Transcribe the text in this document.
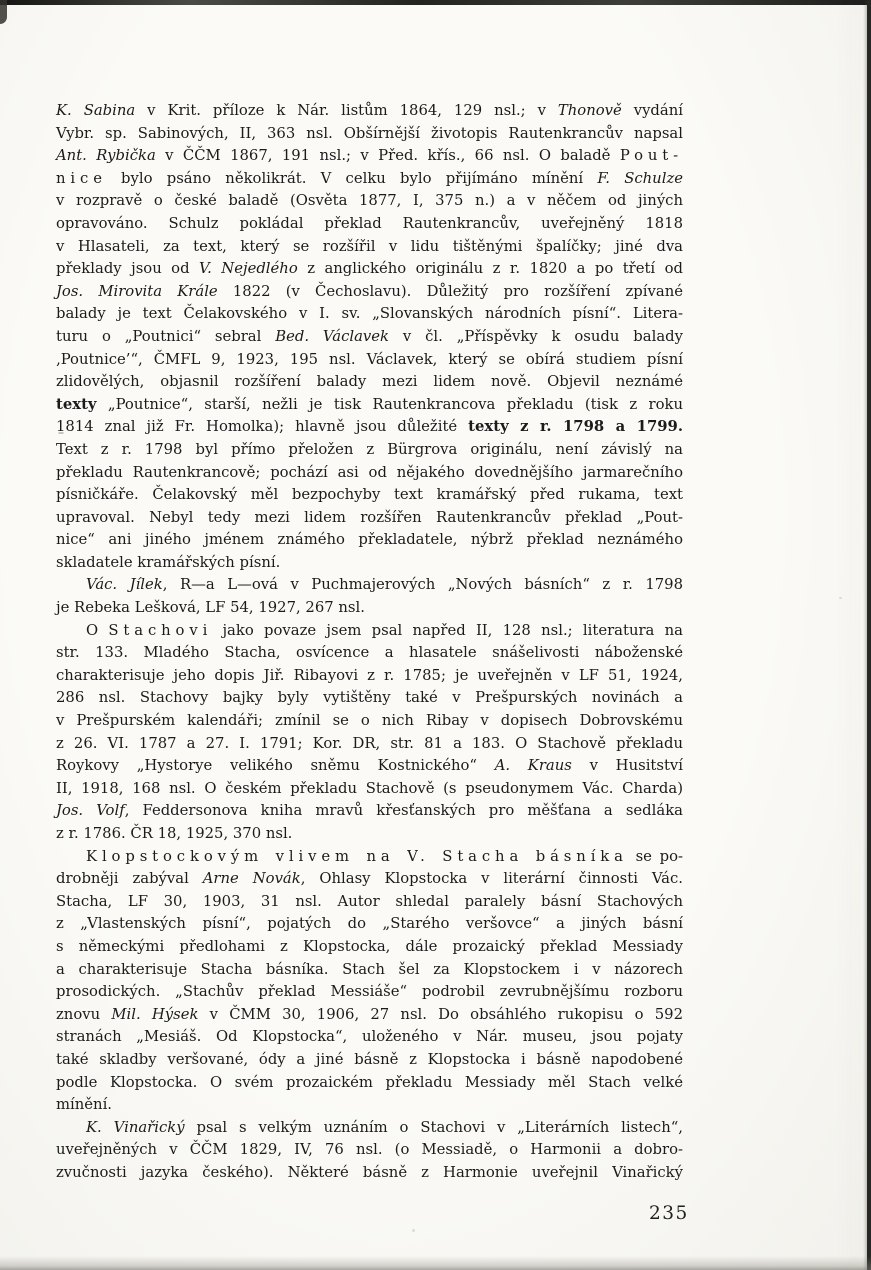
K. Sabina v Krit. příloze k Nár. listům 1864, 129 nsl.; v Thonově vydání
Vybr. sp. Sabinových, II, 363 nsl. Obšírnější životopis Rautenkrancův napsal
Ant. Rybička v ČČM 1867, 191 nsl.; v Před. křís., 66 nsl. O baladě Pout-
nice bylo psáno několikrát. V celku bylo přijímáno mínění F. Schulze
v rozpravě o české baladě (Osvěta 1877, I, 375 n.) a v něčem od jiných
opravováno. Schulz pokládal překlad Rautenkrancův, uveřejněný 1818
v Hlasateli, za text, který se rozšířil v lidu tištěnými špalíčky; jiné dva
překlady jsou od V. Nejedlého z anglického originálu z r. 1820 a po třetí od
Jos. Mirovita Krále 1822 (v Čechoslavu). Důležitý pro rozšíření zpívané
balady je text Čelakovského v I. sv. „Slovanských národních písní“. Litera-
turu o „Poutnici“ sebral Bed. Václavek v čl. „Příspěvky k osudu balady
‚Poutnice’“, ČMFL 9, 1923, 195 nsl. Václavek, který se obírá studiem písní
zlidovělých, objasnil rozšíření balady mezi lidem nově. Objevil neznámé
texty „Poutnice“, starší, nežli je tisk Rautenkrancova překladu (tisk z roku
1814 znal již Fr. Homolka); hlavně jsou důležité texty z r. 1798 a 1799.
Text z r. 1798 byl přímo přeložen z Bürgrova originálu, není závislý na
překladu Rautenkrancově; pochází asi od nějakého dovednějšího jarmarečního
písničkáře. Čelakovský měl bezpochyby text kramářský před rukama, text
upravoval. Nebyl tedy mezi lidem rozšířen Rautenkrancův překlad „Pout-
nice“ ani jiného jménem známého překladatele, nýbrž překlad neznámého
skladatele kramářských písní.
Vác. Jílek, R—a L—ová v Puchmajerových „Nových básních“ z r. 1798
je Rebeka Lešková, LF 54, 1927, 267 nsl.
O Stachovi jako povaze jsem psal napřed II, 128 nsl.; literatura na
str. 133. Mladého Stacha, osvícence a hlasatele snášelivosti náboženské
charakterisuje jeho dopis Jiř. Ribayovi z r. 1785; je uveřejněn v LF 51, 1924,
286 nsl. Stachovy bajky byly vytištěny také v Prešpurských novinách a
v Prešpurském kalendáři; zmínil se o nich Ribay v dopisech Dobrovskému
z 26. VI. 1787 a 27. I. 1791; Kor. DR, str. 81 a 183. O Stachově překladu
Roykovy „Hystorye velikého sněmu Kostnického“ A. Kraus v Husitství
II, 1918, 168 nsl. O českém překladu Stachově (s pseudonymem Vác. Charda)
Jos. Volf, Feddersonova kniha mravů křesťanských pro měšťana a sedláka
z r. 1786. ČR 18, 1925, 370 nsl.
Klopstockovým vlivem na V. Stacha básníka se po-
drobněji zabýval Arne Novák, Ohlasy Klopstocka v literární činnosti Vác.
Stacha, LF 30, 1903, 31 nsl. Autor shledal paralely básní Stachových
z „Vlastenských písní“, pojatých do „Starého veršovce“ a jiných básní
s německými předlohami z Klopstocka, dále prozaický překlad Messiady
a charakterisuje Stacha básníka. Stach šel za Klopstockem i v názorech
prosodických. „Stachův překlad Messiáše“ podrobil zevrubnějšímu rozboru
znovu Mil. Hýsek v ČMM 30, 1906, 27 nsl. Do obsáhlého rukopisu o 592
stranách „Mesiáš. Od Klopstocka“, uloženého v Nár. museu, jsou pojaty
také skladby veršované, ódy a jiné básně z Klopstocka i básně napodobené
podle Klopstocka. O svém prozaickém překladu Messiady měl Stach velké
mínění.
K. Vinařický psal s velkým uznáním o Stachovi v „Literárních listech“,
uveřejněných v ČČM 1829, IV, 76 nsl. (o Messiadě, o Harmonii a dobro-
zvučnosti jazyka českého). Některé básně z Harmonie uveřejnil Vinařický
235
